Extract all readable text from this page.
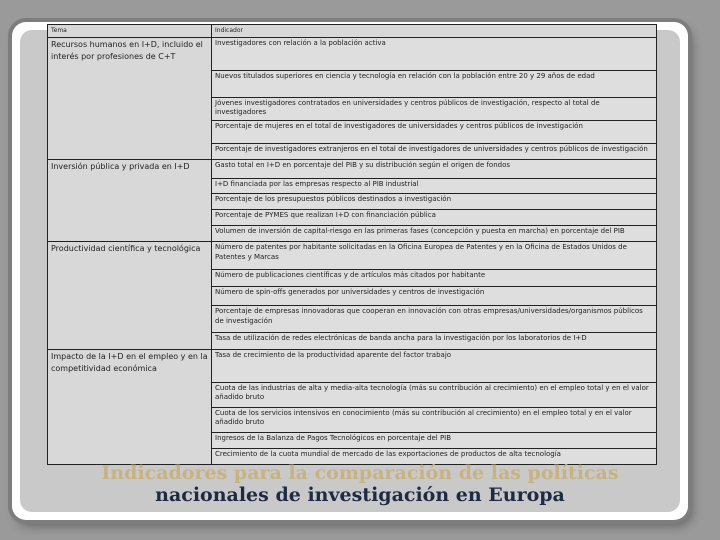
Tema	Indicador
Recursos humanos en I+D, incluido el interés por profesiones de C+T	Investigadores con relación a la población activa
	Nuevos titulados superiores en ciencia y tecnología en relación con la población entre 20 y 29 años de edad
	Jóvenes investigadores contratados en universidades y centros públicos de investigación, respecto al total de investigadores
	Porcentaje de mujeres en el total de investigadores de universidades y centros públicos de investigación
	Porcentaje de investigadores extranjeros en el total de investigadores de universidades y centros públicos de investigación
Inversión pública y privada en I+D	Gasto total en I+D en porcentaje del PIB y su distribución según el origen de fondos
	I+D financiada por las empresas respecto al PIB industrial
	Porcentaje de los presupuestos públicos destinados a investigación
	Porcentaje de PYMES que realizan I+D con financiación pública
	Volumen de inversión de capital-riesgo en las primeras fases (concepción y puesta en marcha) en porcentaje del PIB
Productividad científica y tecnológica	Número de patentes por habitante solicitadas en la Oficina Europea de Patentes y en la Oficina de Estados Unidos de Patentes y Marcas
	Número de publicaciones científicas y de artículos más citados por habitante
	Número de spin-offs generados por universidades y centros de investigación
	Porcentaje de empresas innovadoras que cooperan en innovación con otras empresas/universidades/organismos públicos de investigación
	Tasa de utilización de redes electrónicas de banda ancha para la investigación por los laboratorios de I+D
Impacto de la I+D en el empleo y en la competitividad económica	Tasa de crecimiento de la productividad aparente del factor trabajo
	Cuota de las industrias de alta y media-alta tecnología (más su contribución al crecimiento) en el empleo total y en el valor añadido bruto
	Cuota de los servicios intensivos en conocimiento (más su contribución al crecimiento) en el empleo total y en el valor añadido bruto
	Ingresos de la Balanza de Pagos Tecnológicos en porcentaje del PIB
	Crecimiento de la cuota mundial de mercado de las exportaciones de productos de alta tecnología
Indicadores para la comparación de las políticas
nacionales de investigación en Europa
